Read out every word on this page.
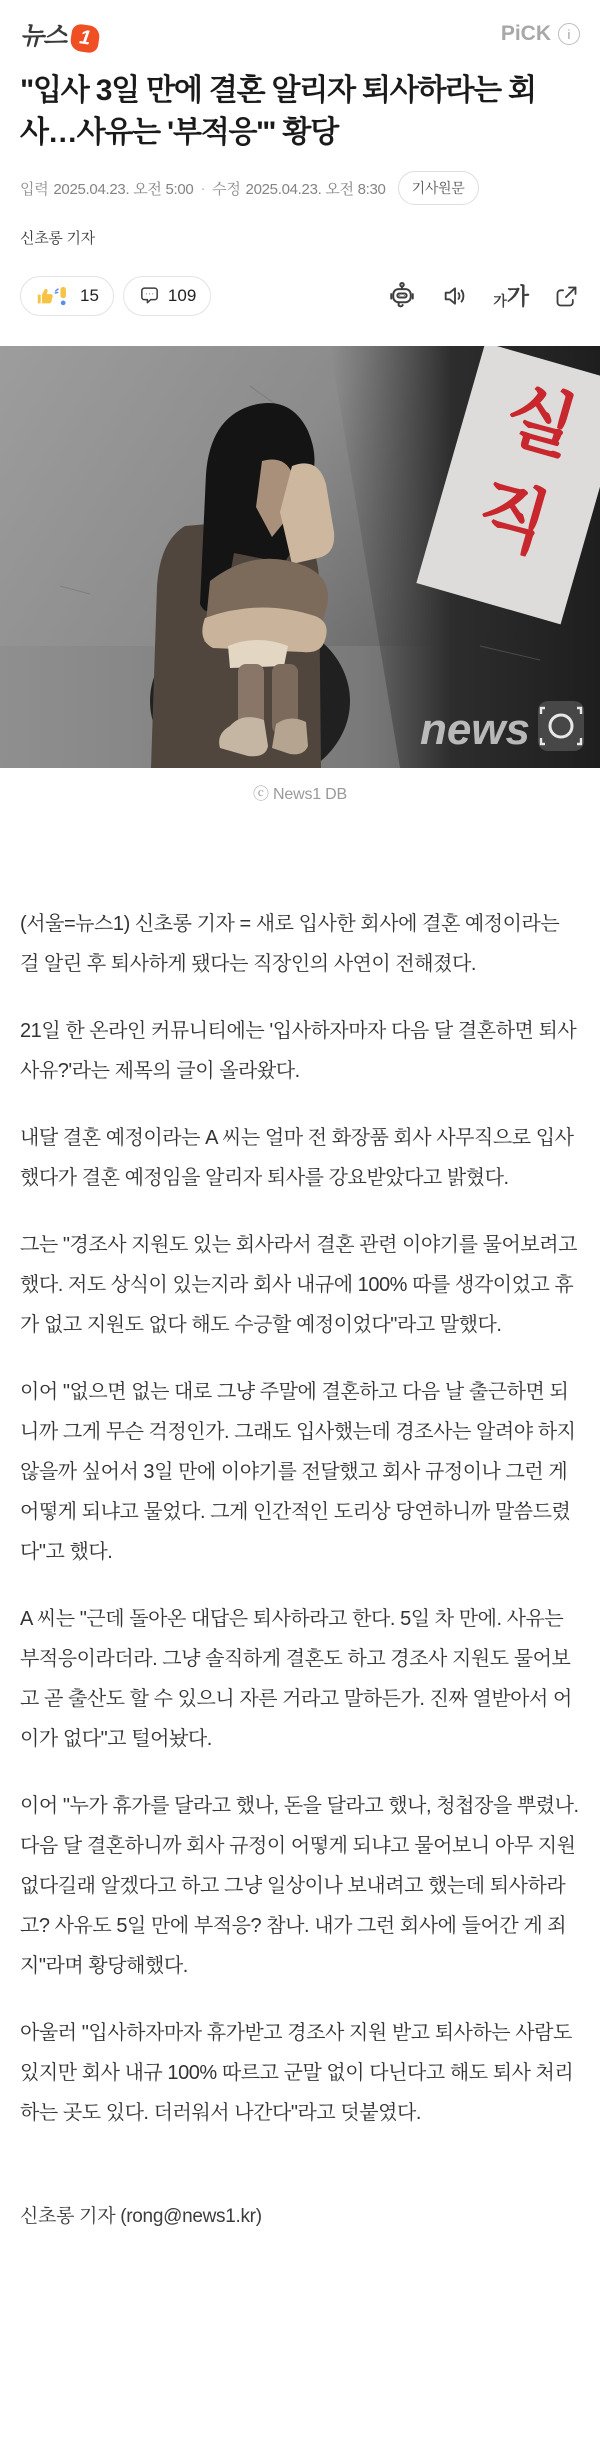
뉴스 1	PiCK	i
"입사 3일 만에 결혼 알리자 퇴사하라는 회사…사유는 '부적응'" 황당
입력 2025.04.23. 오전 5:00 · 수정 2025.04.23. 오전 8:30	기사원문
신초롱 기자
15	109	가 가
실
직
news
ⓒ News1 DB

(서울=뉴스1) 신초롱 기자 = 새로 입사한 회사에 결혼 예정이라는 걸 알린 후 퇴사하게 됐다는 직장인의 사연이 전해졌다.

21일 한 온라인 커뮤니티에는 '입사하자마자 다음 달 결혼하면 퇴사 사유?'라는 제목의 글이 올라왔다.

내달 결혼 예정이라는 A 씨는 얼마 전 화장품 회사 사무직으로 입사했다가 결혼 예정임을 알리자 퇴사를 강요받았다고 밝혔다.

그는 "경조사 지원도 있는 회사라서 결혼 관련 이야기를 물어보려고 했다. 저도 상식이 있는지라 회사 내규에 100% 따를 생각이었고 휴가 없고 지원도 없다 해도 수긍할 예정이었다"라고 말했다.

이어 "없으면 없는 대로 그냥 주말에 결혼하고 다음 날 출근하면 되니까 그게 무슨 걱정인가. 그래도 입사했는데 경조사는 알려야 하지 않을까 싶어서 3일 만에 이야기를 전달했고 회사 규정이나 그런 게 어떻게 되냐고 물었다. 그게 인간적인 도리상 당연하니까 말씀드렸다"고 했다.

A 씨는 "근데 돌아온 대답은 퇴사하라고 한다. 5일 차 만에. 사유는 부적응이라더라. 그냥 솔직하게 결혼도 하고 경조사 지원도 물어보고 곧 출산도 할 수 있으니 자른 거라고 말하든가. 진짜 열받아서 어이가 없다"고 털어놨다.

이어 "누가 휴가를 달라고 했나, 돈을 달라고 했나, 청첩장을 뿌렸나. 다음 달 결혼하니까 회사 규정이 어떻게 되냐고 물어보니 아무 지원 없다길래 알겠다고 하고 그냥 일상이나 보내려고 했는데 퇴사하라고? 사유도 5일 만에 부적응? 참나. 내가 그런 회사에 들어간 게 죄지"라며 황당해했다.

아울러 "입사하자마자 휴가받고 경조사 지원 받고 퇴사하는 사람도 있지만 회사 내규 100% 따르고 군말 없이 다닌다고 해도 퇴사 처리하는 곳도 있다. 더러워서 나간다"라고 덧붙였다.

신초롱 기자 (rong@news1.kr)
